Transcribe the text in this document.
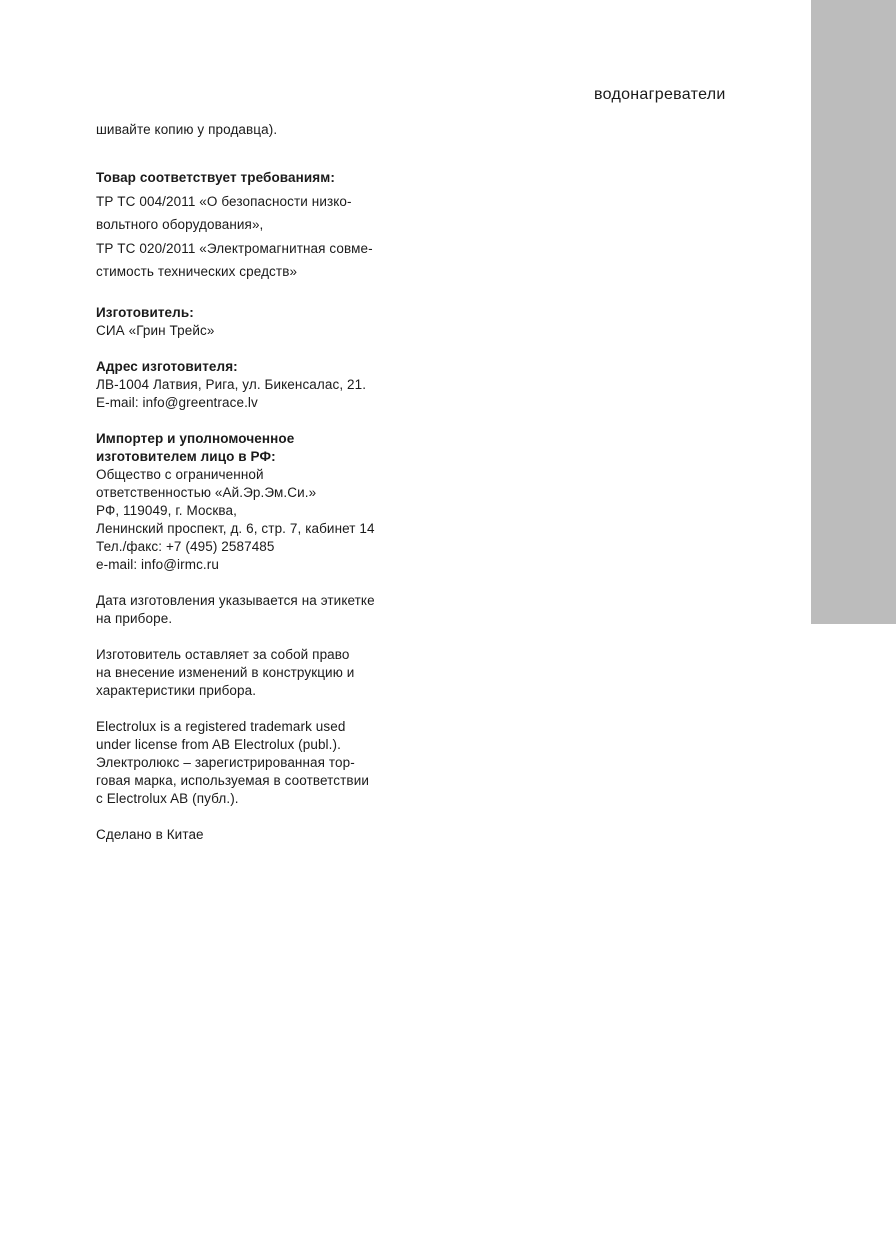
водонагреватели
шивайте копию у продавца).
Товар соответствует требованиям:
ТР ТС 004/2011 «О безопасности низко-
вольтного оборудования»,
ТР ТС 020/2011 «Электромагнитная совме-
стимость технических средств»
Изготовитель:
СИА «Грин Трейс»
Адрес изготовителя:
ЛВ-1004 Латвия, Рига, ул. Бикенсалас, 21.
E-mail: info@greentrace.lv
Импортер и уполномоченное
изготовителем лицо в РФ:
Общество с ограниченной
ответственностью «Ай.Эр.Эм.Си.»
РФ, 119049, г. Москва,
Ленинский проспект, д. 6, стр. 7, кабинет 14
Тел./факс: +7 (495) 2587485
e-mail: info@irmc.ru
Дата изготовления указывается на этикетке
на приборе.
Изготовитель оставляет за собой право
на внесение изменений в конструкцию и
характеристики прибора.
Electrolux is a registered trademark used
under license from AB Electrolux (publ.).
Электролюкс – зарегистрированная тор-
говая марка, используемая в соответствии
с Electrolux AB (публ.).
Сделано в Китае
